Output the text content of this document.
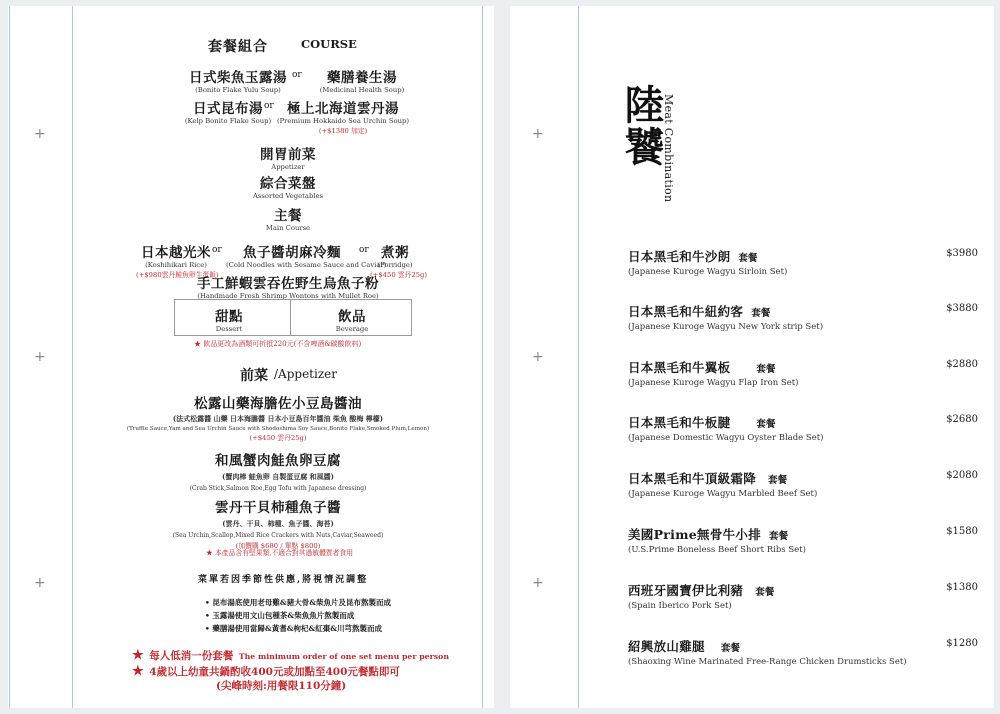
+
+
+
套餐組合	COURSE
日式柴魚玉露湯
(Bonito Flake Yulu Soup)
or	藥膳養生湯
(Medicinal Health Soup)
日式昆布湯
(Kelp Bonito Flake Soup)
or 極上北海道雲丹湯
(Premium Hokkaido Sea Urchin Soup)
(+$1380 加定)
開胃前菜
Appetizer
綜合菜盤
Assorted Vegetables
主餐
Main Course
日本越光米
(Koshihikari Rice)
(+$980雲丹鮭魚卵生蛋飯)
or	魚子醬胡麻冷麵
(Cold Noodles with Sesame Sauce and Caviar)
or 煮粥
(Porridge)
(+$450 雲丹25g)
手工鮮蝦雲吞佐野生烏魚子粉
(Handmade Fresh Shrimp Wontons with Mullet Roe)
甜點
Dessert
飲品
Beverage
★ 飲品更改為酒類可折抵220元(不含啤酒&碳酸飲料)
前菜 /Appetizer
松露山藥海膽佐小豆島醬油
(法式松露醬 山藥 日本海膽醬 日本小豆島百年醬油 柴魚 酸梅 檸檬)
(Truffle Sauce,Yam and Sea Urchin Sauce with Shodoshima Soy Sauce,Bonito Flake,Smoked Plum,Lemon)
(+$450 雲丹25g)
和風蟹肉鮭魚卵豆腐
(蟹肉棒 鮭魚卵 自製蛋豆腐 和風醬)
(Crab Stick,Salmon Roe,Egg Tofu with Japanese dressing)
雲丹干貝柿種魚子醬
(雲丹、干貝、柿種、魚子醬、海苔)
(Sea Urchin,Scallop,Mixed Rice Crackers with Nuts,Caviar,Seaweed)
(加價購 $680 / 單點 $800)
★ 本產品含有堅果類,不適合對其過敏體質者食用
菜單若因季節性供應,將視情況調整
• 昆布湯底使用老母雞&豬大骨&柴魚片及昆布熬製而成
• 玉露湯使用文山包種茶&柴魚魚片熬製而成
• 藥膳湯使用當歸&黃耆&枸杞&紅棗&川芎熬製而成
★ 每人低消一份套餐 The minimum order of one set menu per person
★ 4歲以上幼童共鍋酌收400元或加點至400元餐點即可
(尖峰時刻:用餐限110分鐘)
+
+
+
陸饕
Meat Combination
日本黑毛和牛沙朗 套餐
(Japanese Kuroge Wagyu Sirloin Set)
$3980
日本黑毛和牛紐約客 套餐
(Japanese Kuroge Wagyu New York strip Set)
$3880
日本黑毛和牛翼板	套餐
(Japanese Kuroge Wagyu Flap Iron Set)
$2880
日本黑毛和牛板腱	套餐
(Japanese Domestic Wagyu Oyster Blade Set)
$2680
日本黑毛和牛頂級霜降 套餐
(Japanese Kuroge Wagyu Marbled Beef Set)
$2080
美國Prime無骨牛小排 套餐
(U.S.Prime Boneless Beef Short Ribs Set)
$1580
西班牙國寶伊比利豬 套餐
(Spain Iberico Pork Set)
$1380
紹興放山雞腿 套餐
(Shaoxing Wine Marinated Free-Range Chicken Drumsticks Set)
$1280
